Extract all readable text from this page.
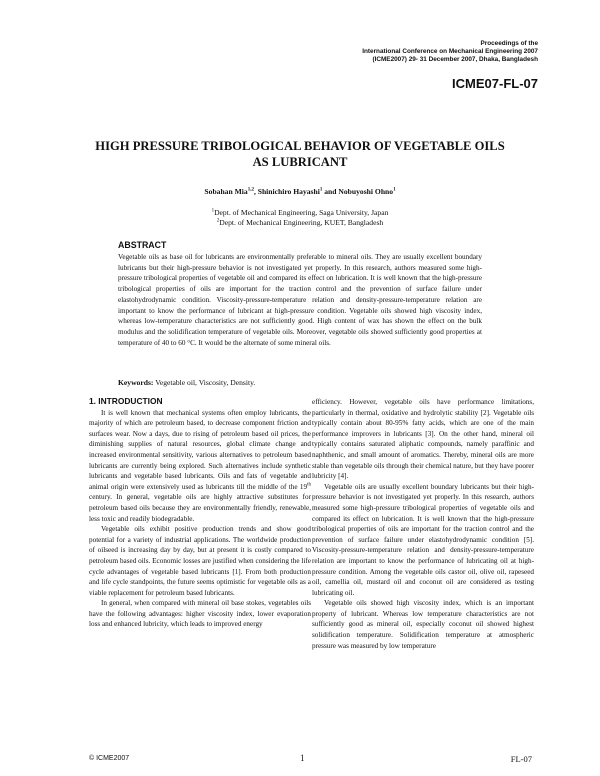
Proceedings of the
International Conference on Mechanical Engineering 2007
(ICME2007) 29- 31 December 2007, Dhaka, Bangladesh
ICME07-FL-07
HIGH PRESSURE TRIBOLOGICAL BEHAVIOR OF VEGETABLE OILS
AS LUBRICANT
Sobahan Mia$^{1,2}$, Shinichiro Hayashi$^1$ and Nobuyoshi Ohno$^1$
$^1$Dept. of Mechanical Engineering, Saga University, Japan
$^2$Dept. of Mechanical Engineering, KUET, Bangladesh
ABSTRACT
Vegetable oils as base oil for lubricants are environmentally preferable to mineral oils. They are usually excellent boundary lubricants but their high-pressure behavior is not investigated yet properly. In this research, authors measured some high-pressure tribological properties of vegetable oil and compared its effect on lubrication. It is well known that the high-pressure tribological properties of oils are important for the traction control and the prevention of surface failure under elastohydrodynamic condition. Viscosity-pressure-temperature relation and density-pressure-temperature relation are important to know the performance of lubricant at high-pressure condition. Vegetable oils showed high viscosity index, whereas low-temperature characteristics are not sufficiently good. High content of wax has shown the effect on the bulk modulus and the solidification temperature of vegetable oils. Moreover, vegetable oils showed sufficiently good properties at temperature of 40 to 60 °C. It would be the alternate of some mineral oils.
Keywords: Vegetable oil, Viscosity, Density.
1. INTRODUCTION

It is well known that mechanical systems often employ lubricants, the majority of which are petroleum based, to decrease component friction and surfaces wear. Now a days, due to rising of petroleum based oil prices, the diminishing supplies of natural resources, global climate change and increased environmental sensitivity, various alternatives to petroleum based lubricants are currently being explored. Such alternatives include synthetic lubricants and vegetable based lubricants. Oils and fats of vegetable and animal origin were extensively used as lubricants till the middle of the 19th century. In general, vegetable oils are highly attractive substitutes for petroleum based oils because they are environmentally friendly, renewable, less toxic and readily biodegradable.

Vegetable oils exhibit positive production trends and show good potential for a variety of industrial applications. The worldwide production of oilseed is increasing day by day, but at present it is costly compared to petroleum based oils. Economic losses are justified when considering the life cycle advantages of vegetable based lubricants [1]. From both production and life cycle standpoints, the future seems optimistic for vegetable oils as a viable replacement for petroleum based lubricants.

In general, when compared with mineral oil base stokes, vegetables oils have the following advantages: higher viscosity index, lower evaporation loss and enhanced lubricity, which leads to improved energy

efficiency. However, vegetable oils have performance limitations, particularly in thermal, oxidative and hydrolytic stability [2]. Vegetable oils typically contain about 80-95% fatty acids, which are one of the main performance improvers in lubricants [3]. On the other hand, mineral oil typically contains saturated aliphatic compounds, namely paraffinic and naphthenic, and small amount of aromatics. Thereby, mineral oils are more stable than vegetable oils through their chemical nature, but they have poorer lubricity [4].

Vegetable oils are usually excellent boundary lubricants but their high-pressure behavior is not investigated yet properly. In this research, authors measured some high-pressure tribological properties of vegetable oils and compared its effect on lubrication. It is well known that the high-pressure tribological properties of oils are important for the traction control and the prevention of surface failure under elastohydrodynamic condition [5]. Viscosity-pressure-temperature relation and density-pressure-temperature relation are important to know the performance of lubricating oil at high-pressure condition. Among the vegetable oils castor oil, olive oil, rapeseed oil, camellia oil, mustard oil and coconut oil are considered as testing lubricating oil.

Vegetable oils showed high viscosity index, which is an important property of lubricant. Whereas low temperature characteristics are not sufficiently good as mineral oil, especially coconut oil showed highest solidification temperature. Solidification temperature at atmospheric pressure was measured by low temperature

© ICME2007	1	FL-07
